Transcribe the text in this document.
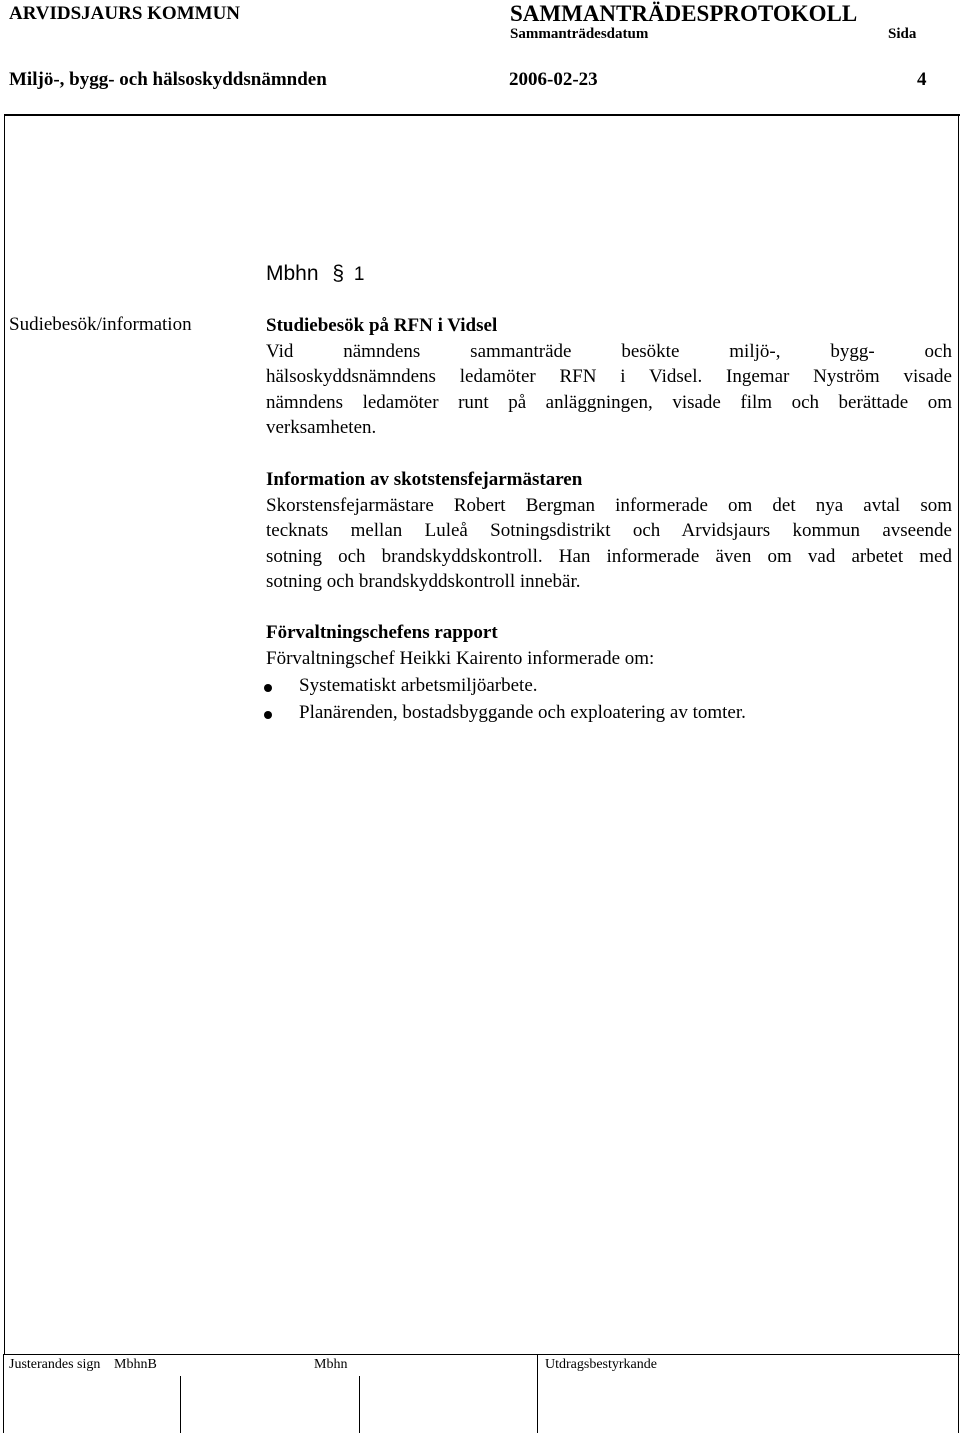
ARVIDSJAURS KOMMUN	SAMMANTRÄDESPROTOKOLL
Sammanträdesdatum	Sida
Miljö-, bygg- och hälsoskyddsnämnden	2006-02-23	4
Mbhn § 1
Sudiebesök/information	Studiebesök på RFN i Vidsel
Vid nämndens sammanträde besökte miljö-, bygg- och
hälsoskyddsnämndens ledamöter RFN i Vidsel. Ingemar Nyström visade
nämndens ledamöter runt på anläggningen, visade film och berättade om
verksamheten.
Information av skotstensfejarmästaren
Skorstensfejarmästare Robert Bergman informerade om det nya avtal som
tecknats mellan Luleå Sotningsdistrikt och Arvidsjaurs kommun avseende
sotning och brandskyddskontroll. Han informerade även om vad arbetet med
sotning och brandskyddskontroll innebär.
Förvaltningschefens rapport
Förvaltningschef Heikki Kairento informerade om:
Systematiskt arbetsmiljöarbete.
Planärenden, bostadsbyggande och exploatering av tomter.
Justerandes sign MbhnB	Mbhn	Utdragsbestyrkande
